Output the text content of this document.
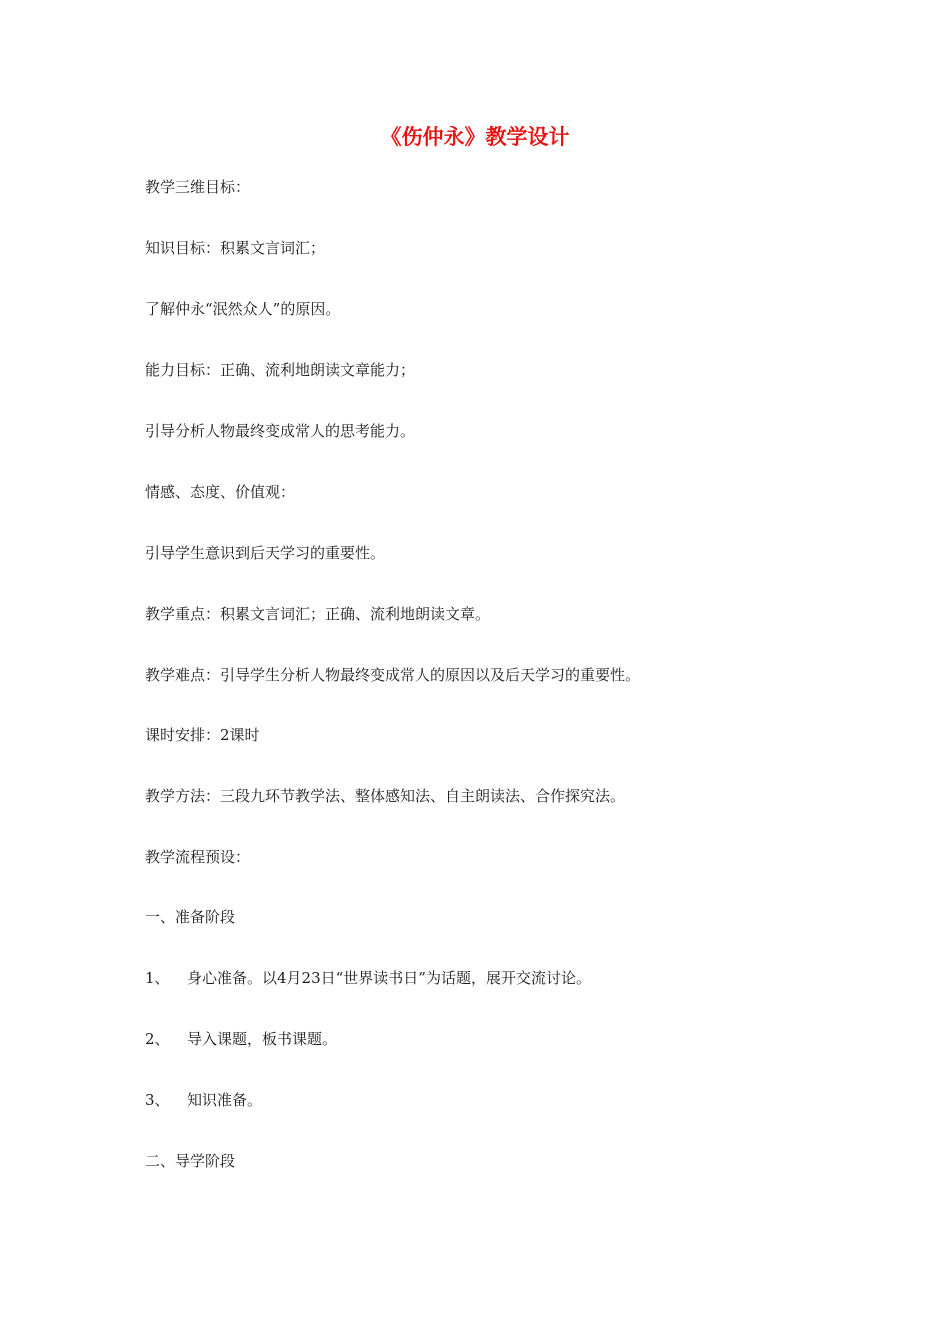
《伤仲永》教学设计
教学三维目标：
知识目标：积累文言词汇；
了解仲永“泯然众人”的原因。
能力目标：正确、流利地朗读文章能力；
引导分析人物最终变成常人的思考能力。
情感、态度、价值观：
引导学生意识到后天学习的重要性。
教学重点：积累文言词汇；正确、流利地朗读文章。
教学难点：引导学生分析人物最终变成常人的原因以及后天学习的重要性。
课时安排：2课时
教学方法：三段九环节教学法、整体感知法、自主朗读法、合作探究法。
教学流程预设：
一、准备阶段
1、 身心准备。以4月23日“世界读书日”为话题，展开交流讨论。
2、 导入课题，板书课题。
3、 知识准备。
二、导学阶段
